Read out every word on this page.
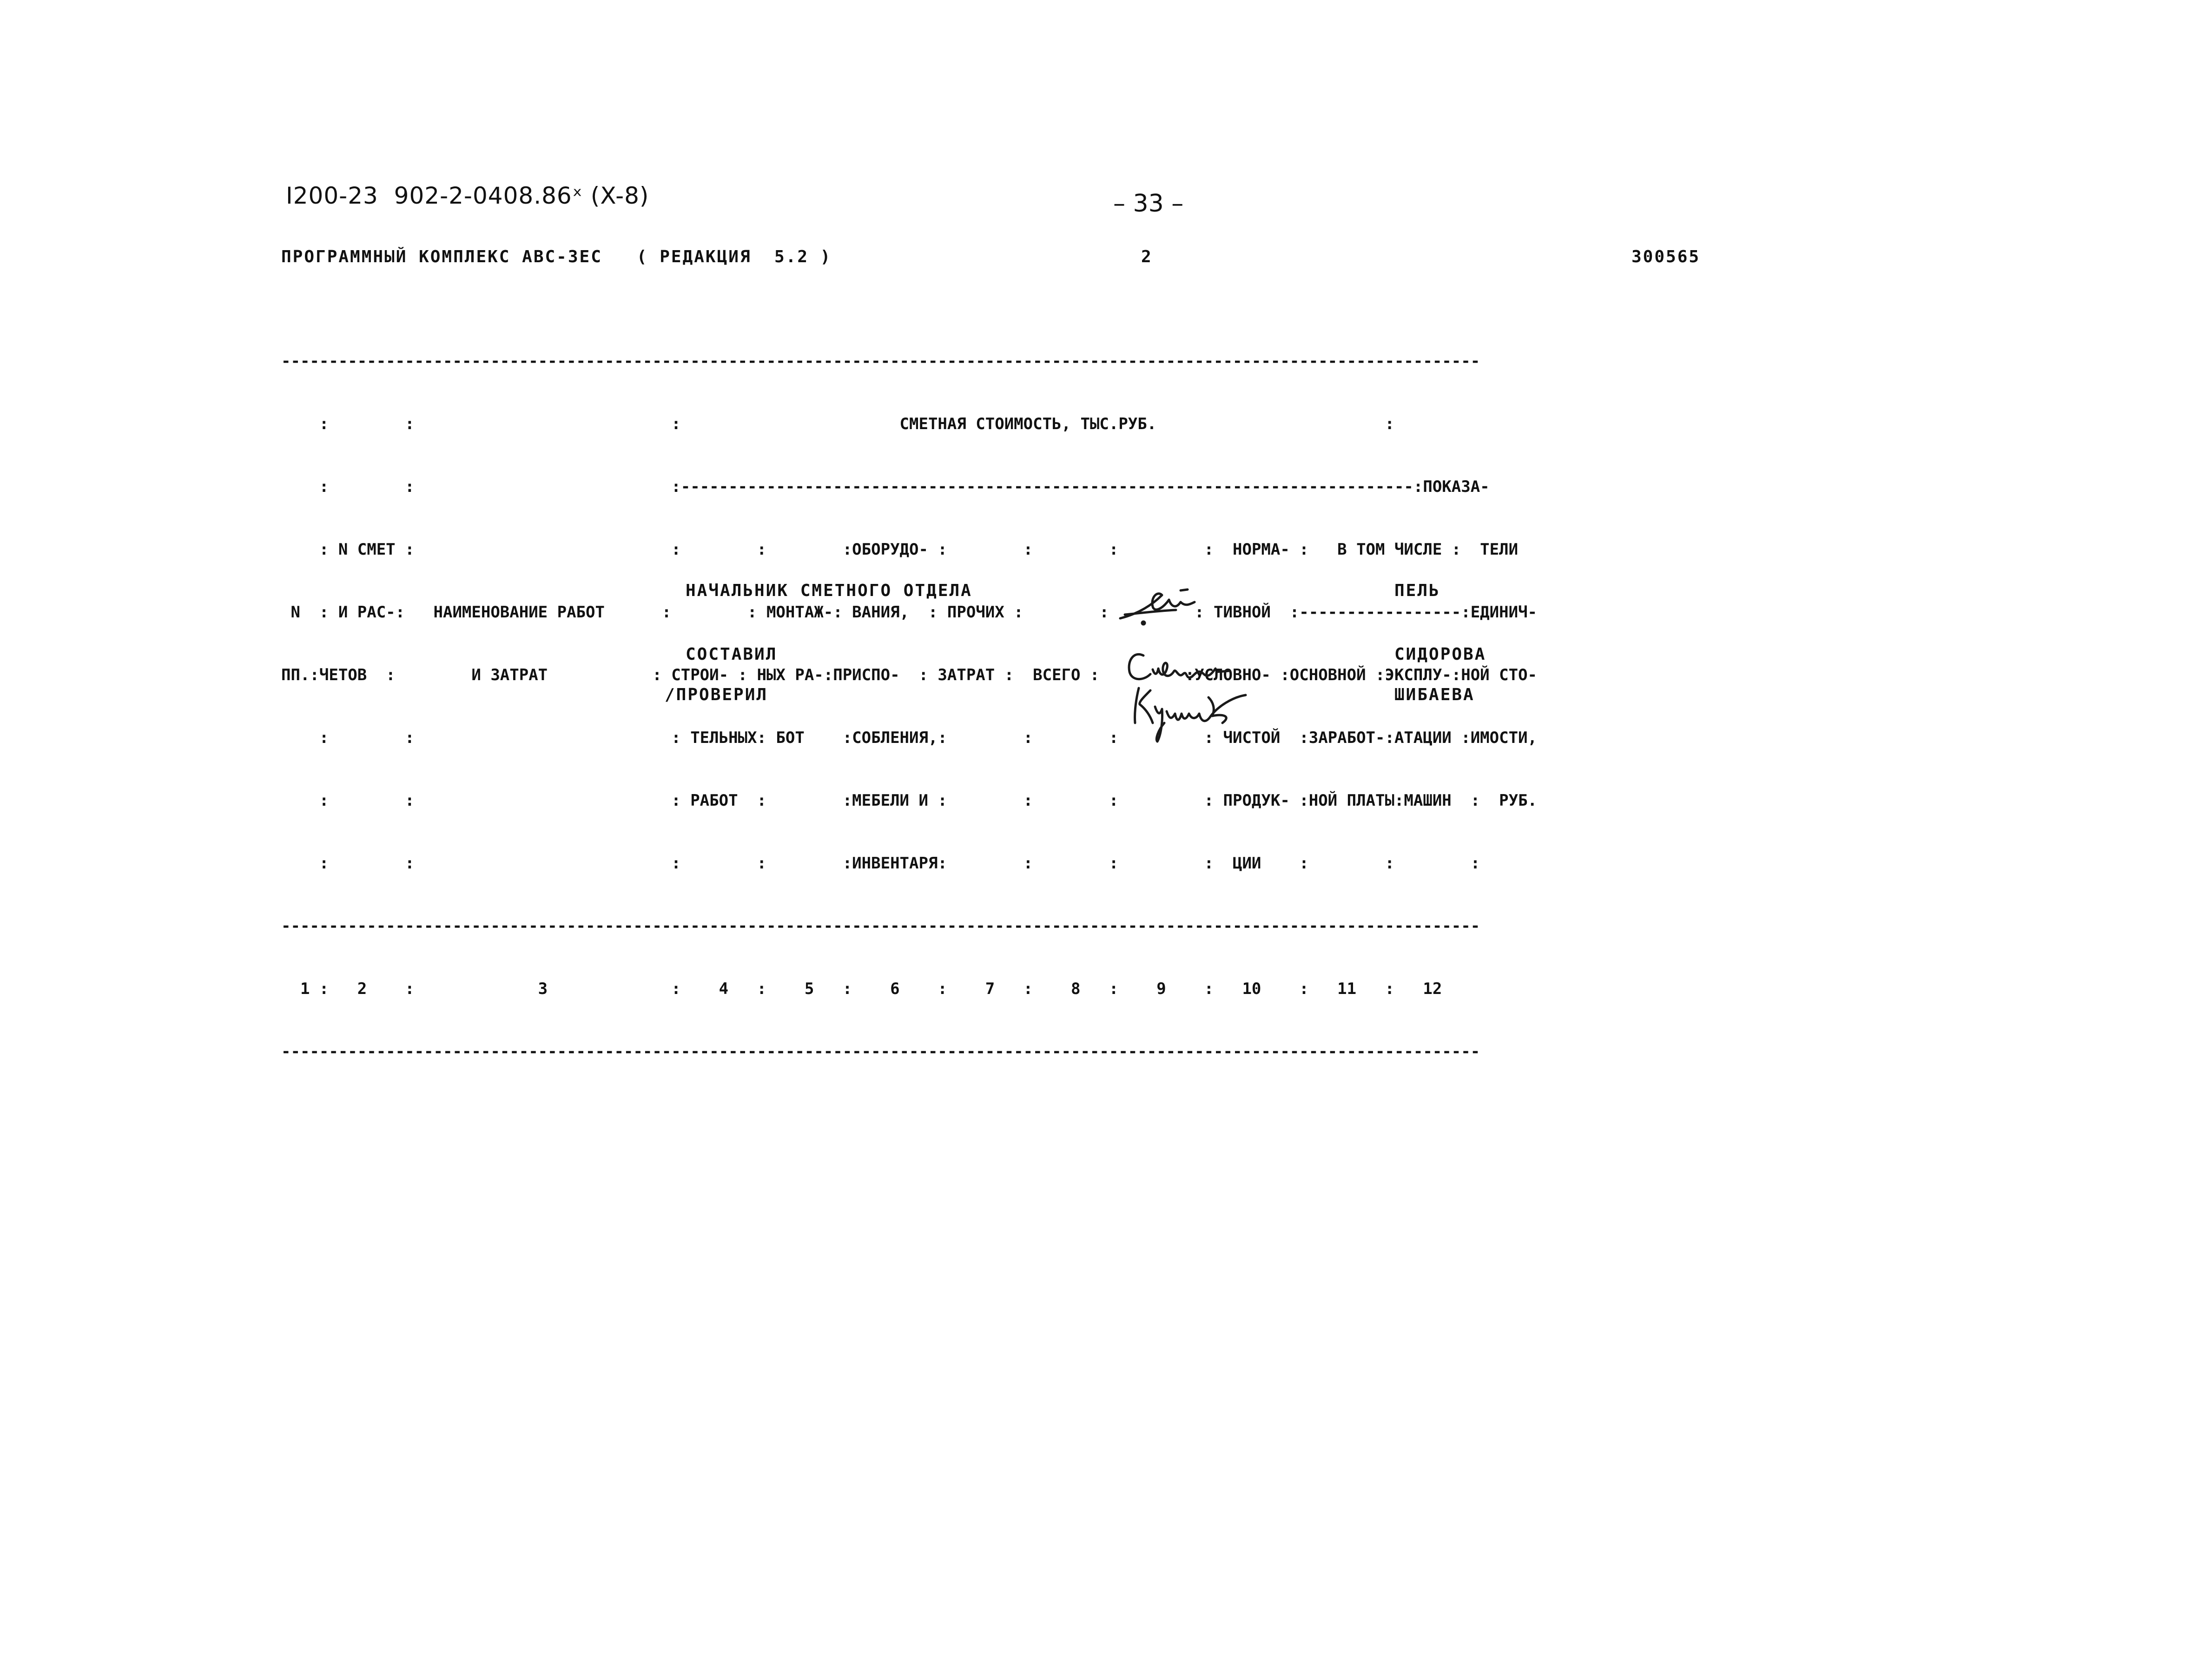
I200-23  902-2-0408.86ˣ (X-8)	– 33 –
ПРОГРАММНЫЙ КОМПЛЕКС АВС-3ЕС   ( РЕДАКЦИЯ  5.2 )	2	300565

------------------------------------------------------------------------------------------------------------------------------

:        :                           :                       СМЕТНАЯ СТОИМОСТЬ, ТЫС.РУБ.                        :

:        :                           :-----------------------------------------------------------------------------:ПОКАЗА-

: N СМЕТ :                           :        :        :ОБОРУДО- :        :        :         :  НОРМА- :   В ТОМ ЧИСЛЕ :  ТЕЛИ

N  : И РАС-:   НАИМЕНОВАНИЕ РАБОТ      :        : МОНТАЖ-: ВАНИЯ,  : ПРОЧИХ :        :         : ТИВНОЙ  :-----------------:ЕДИНИЧ-

ПП.:ЧЕТОВ  :        И ЗАТРАТ           : СТРОИ- : НЫХ РА-:ПРИСПО-  : ЗАТРАТ :  ВСЕГО :         :УСЛОВНО- :ОСНОВНОЙ :ЭКСПЛУ-:НОЙ СТО-

:        :                           : ТЕЛЬНЫХ: БОТ    :СОБЛЕНИЯ,:        :        :         : ЧИСТОЙ  :ЗАРАБОТ-:АТАЦИИ :ИМОСТИ,

:        :                           : РАБОТ  :        :МЕБЕЛИ И :        :        :         : ПРОДУК- :НОЙ ПЛАТЫ:МАШИН  :  РУБ.

:        :                           :        :        :ИНВЕНТАРЯ:        :        :         :  ЦИИ    :        :        :

------------------------------------------------------------------------------------------------------------------------------

1 :   2    :             3             :    4   :    5   :    6    :    7   :    8   :    9    :   10    :   11   :   12

------------------------------------------------------------------------------------------------------------------------------

НАЧАЛЬНИК СМЕТНОГО ОТДЕЛА
СОСТАВИЛ
/ПРОВЕРИЛ
ПЕЛЬ
СИДОРОВА
ШИБАЕВА
